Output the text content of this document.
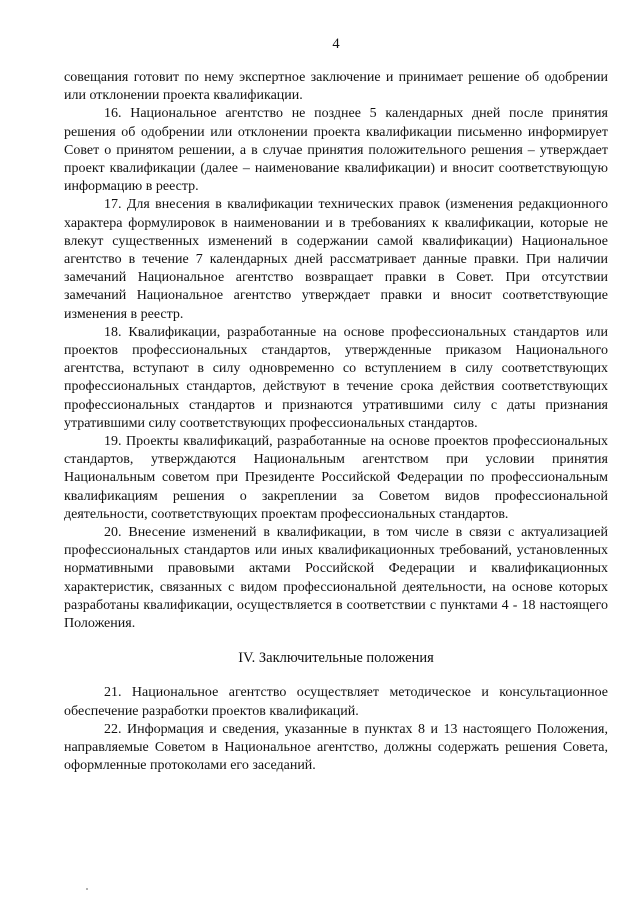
4

совещания готовит по нему экспертное заключение и принимает решение об одобрении или отклонении проекта квалификации.

16. Национальное агентство не позднее 5 календарных дней после принятия решения об одобрении или отклонении проекта квалификации письменно информирует Совет о принятом решении, а в случае принятия положительного решения – утверждает проект квалификации (далее – наименование квалификации) и вносит соответствующую информацию в реестр.

17. Для внесения в квалификации технических правок (изменения редакционного характера формулировок в наименовании и в требованиях к квалификации, которые не влекут существенных изменений в содержании самой квалификации) Национальное агентство в течение 7 календарных дней рассматривает данные правки. При наличии замечаний Национальное агентство возвращает правки в Совет. При отсутствии замечаний Национальное агентство утверждает правки и вносит соответствующие изменения в реестр.

18. Квалификации, разработанные на основе профессиональных стандартов или проектов профессиональных стандартов, утвержденные приказом Национального агентства, вступают в силу одновременно со вступлением в силу соответствующих профессиональных стандартов, действуют в течение срока действия соответствующих профессиональных стандартов и признаются утратившими силу с даты признания утратившими силу соответствующих профессиональных стандартов.

19. Проекты квалификаций, разработанные на основе проектов профессиональных стандартов, утверждаются Национальным агентством при условии принятия Национальным советом при Президенте Российской Федерации по профессиональным квалификациям решения о закреплении за Советом видов профессиональной деятельности, соответствующих проектам профессиональных стандартов.

20. Внесение изменений в квалификации, в том числе в связи с актуализацией профессиональных стандартов или иных квалификационных требований, установленных нормативными правовыми актами Российской Федерации и квалификационных характеристик, связанных с видом профессиональной деятельности, на основе которых разработаны квалификации, осуществляется в соответствии с пунктами 4 - 18 настоящего Положения.

IV. Заключительные положения

21. Национальное агентство осуществляет методическое и консультационное обеспечение разработки проектов квалификаций.

22. Информация и сведения, указанные в пунктах 8 и 13 настоящего Положения, направляемые Советом в Национальное агентство, должны содержать решения Совета, оформленные протоколами его заседаний.
